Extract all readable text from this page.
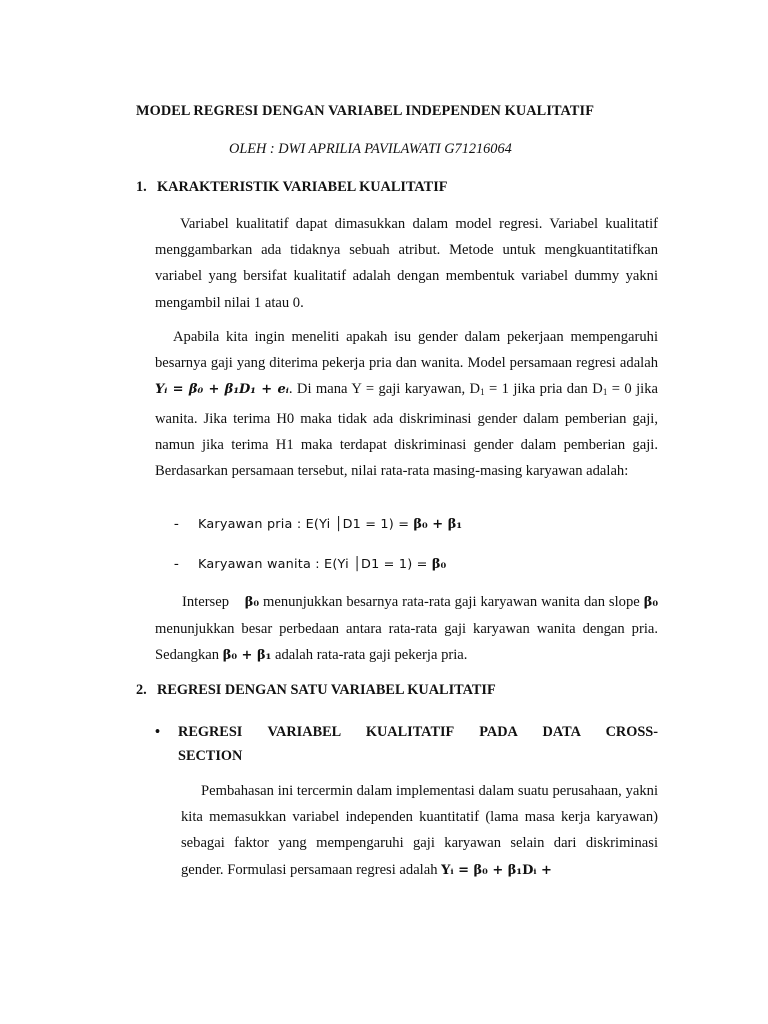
MODEL REGRESI DENGAN VARIABEL INDEPENDEN KUALITATIF
OLEH : DWI APRILIA PAVILAWATI G71216064
1. KARAKTERISTIK VARIABEL KUALITATIF
Variabel kualitatif dapat dimasukkan dalam model regresi. Variabel kualitatif menggambarkan ada tidaknya sebuah atribut. Metode untuk mengkuantitatifkan variabel yang bersifat kualitatif adalah dengan membentuk variabel dummy yakni mengambil nilai 1 atau 0.
Apabila kita ingin meneliti apakah isu gender dalam pekerjaan mempengaruhi besarnya gaji yang diterima pekerja pria dan wanita. Model persamaan regresi adalah Yᵢ = β₀ + β₁D₁ + eᵢ. Di mana Y = gaji karyawan, $D_1 = 1$ jika pria dan $D_1 = 0$ jika wanita. Jika terima H0 maka tidak ada diskriminasi gender dalam pemberian gaji, namun jika terima H1 maka terdapat diskriminasi gender dalam pemberian gaji. Berdasarkan persamaan tersebut, nilai rata-rata masing-masing karyawan adalah:
- Karyawan pria : E(Yi │D1 = 1) = β₀ + β₁
- Karyawan wanita : E(Yi │D1 = 1) = β₀
Intersep β₀ menunjukkan besarnya rata-rata gaji karyawan wanita dan slope β₀ menunjukkan besar perbedaan antara rata-rata gaji karyawan wanita dengan pria. Sedangkan β₀ + β₁ adalah rata-rata gaji pekerja pria.
2. REGRESI DENGAN SATU VARIABEL KUALITATIF
• REGRESI VARIABEL KUALITATIF PADA DATA CROSS-
SECTION
Pembahasan ini tercermin dalam implementasi dalam suatu perusahaan, yakni kita memasukkan variabel independen kuantitatif (lama masa kerja karyawan) sebagai faktor yang mempengaruhi gaji karyawan selain dari diskriminasi gender. Formulasi persamaan regresi adalah Yᵢ = β₀ + β₁Dᵢ +
